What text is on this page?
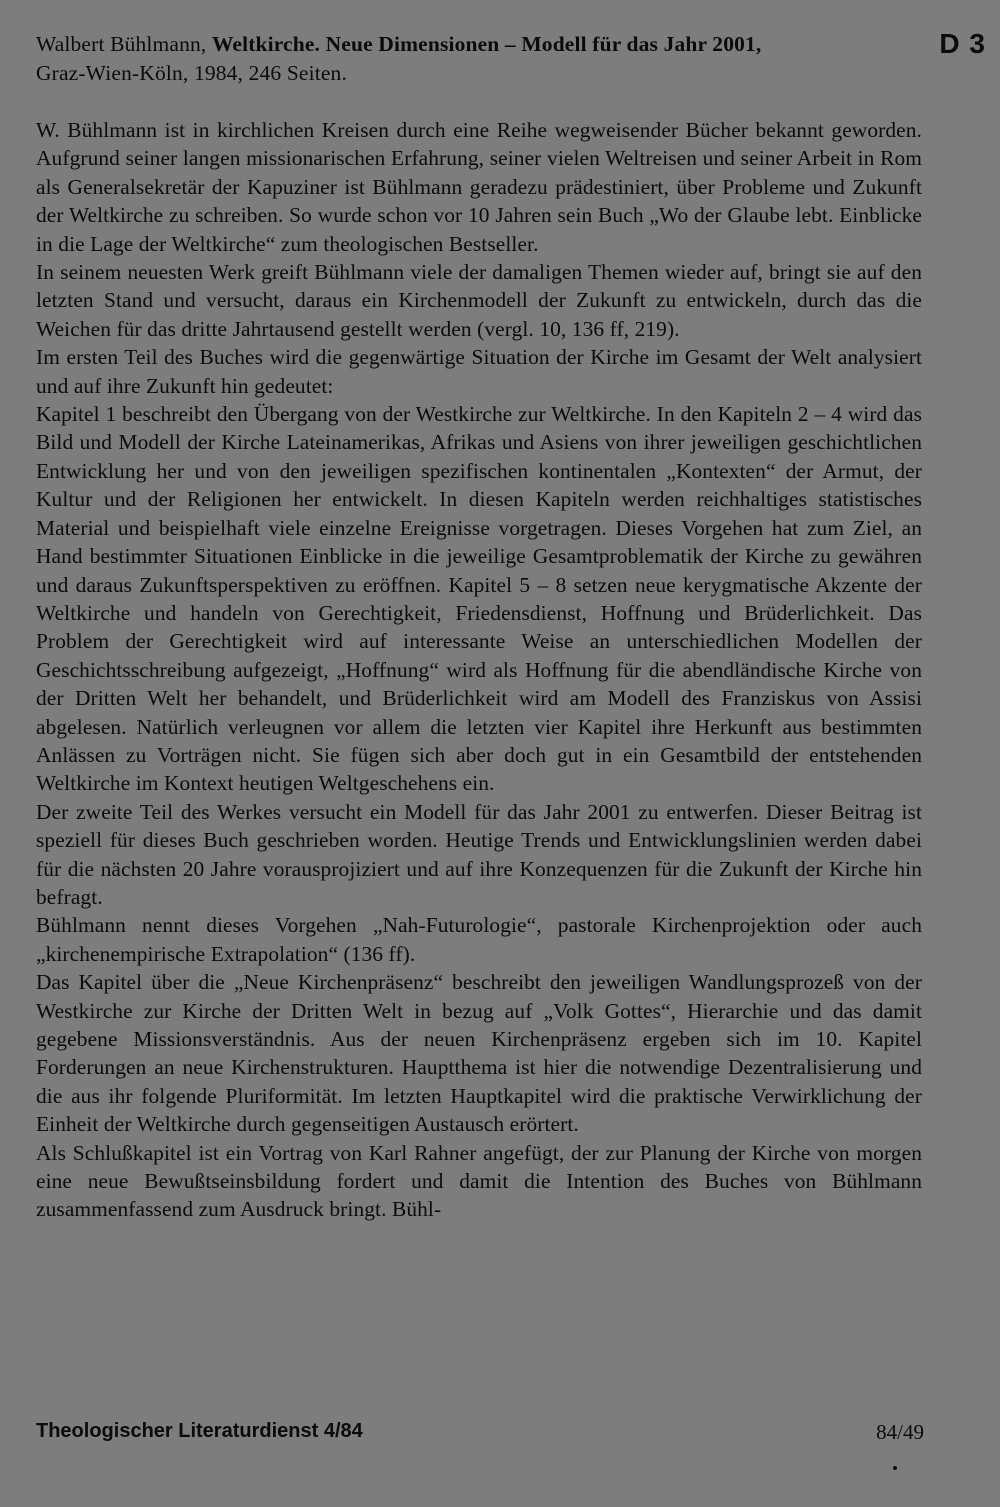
Walbert Bühlmann, Weltkirche. Neue Dimensionen – Modell für das Jahr 2001,
Graz-Wien-Köln, 1984, 246 Seiten.
D 3

W. Bühlmann ist in kirchlichen Kreisen durch eine Reihe wegweisender Bücher bekannt geworden. Aufgrund seiner langen missionarischen Erfahrung, seiner vielen Weltreisen und seiner Arbeit in Rom als Generalsekretär der Kapuziner ist Bühlmann geradezu prädestiniert, über Probleme und Zukunft der Weltkirche zu schreiben. So wurde schon vor 10 Jahren sein Buch „Wo der Glaube lebt. Einblicke in die Lage der Weltkirche“ zum theologischen Bestseller.

In seinem neuesten Werk greift Bühlmann viele der damaligen Themen wieder auf, bringt sie auf den letzten Stand und versucht, daraus ein Kirchenmodell der Zukunft zu entwickeln, durch das die Weichen für das dritte Jahrtausend gestellt werden (vergl. 10, 136 ff, 219).

Im ersten Teil des Buches wird die gegenwärtige Situation der Kirche im Gesamt der Welt analysiert und auf ihre Zukunft hin gedeutet:

Kapitel 1 beschreibt den Übergang von der Westkirche zur Weltkirche. In den Kapiteln 2 – 4 wird das Bild und Modell der Kirche Lateinamerikas, Afrikas und Asiens von ihrer jeweiligen geschichtlichen Entwicklung her und von den jeweiligen spezifischen kontinentalen „Kontexten“ der Armut, der Kultur und der Religionen her entwickelt. In diesen Kapiteln werden reichhaltiges statistisches Material und beispielhaft viele einzelne Ereignisse vorgetragen. Dieses Vorgehen hat zum Ziel, an Hand bestimmter Situationen Einblicke in die jeweilige Gesamtproblematik der Kirche zu gewähren und daraus Zukunftsperspektiven zu eröffnen. Kapitel 5 – 8 setzen neue kerygmatische Akzente der Weltkirche und handeln von Gerechtigkeit, Friedensdienst, Hoffnung und Brüderlichkeit. Das Problem der Gerechtigkeit wird auf interessante Weise an unterschiedlichen Modellen der Geschichtsschreibung aufgezeigt, „Hoffnung“ wird als Hoffnung für die abendländische Kirche von der Dritten Welt her behandelt, und Brüderlichkeit wird am Modell des Franziskus von Assisi abgelesen. Natürlich verleugnen vor allem die letzten vier Kapitel ihre Herkunft aus bestimmten Anlässen zu Vorträgen nicht. Sie fügen sich aber doch gut in ein Gesamtbild der entstehenden Weltkirche im Kontext heutigen Weltgeschehens ein.

Der zweite Teil des Werkes versucht ein Modell für das Jahr 2001 zu entwerfen. Dieser Beitrag ist speziell für dieses Buch geschrieben worden. Heutige Trends und Entwicklungslinien werden dabei für die nächsten 20 Jahre vorausprojiziert und auf ihre Konzequenzen für die Zukunft der Kirche hin befragt.

Bühlmann nennt dieses Vorgehen „Nah-Futurologie“, pastorale Kirchenprojektion oder auch „kirchenempirische Extrapolation“ (136 ff).

Das Kapitel über die „Neue Kirchenpräsenz“ beschreibt den jeweiligen Wandlungsprozeß von der Westkirche zur Kirche der Dritten Welt in bezug auf „Volk Gottes“, Hierarchie und das damit gegebene Missionsverständnis. Aus der neuen Kirchenpräsenz ergeben sich im 10. Kapitel Forderungen an neue Kirchenstrukturen. Hauptthema ist hier die notwendige Dezentralisierung und die aus ihr folgende Pluriformität. Im letzten Hauptkapitel wird die praktische Verwirklichung der Einheit der Weltkirche durch gegenseitigen Austausch erörtert.

Als Schlußkapitel ist ein Vortrag von Karl Rahner angefügt, der zur Planung der Kirche von morgen eine neue Bewußtseinsbildung fordert und damit die Intention des Buches von Bühlmann zusammenfassend zum Ausdruck bringt. Bühl-

Theologischer Literaturdienst 4/84	84/49
